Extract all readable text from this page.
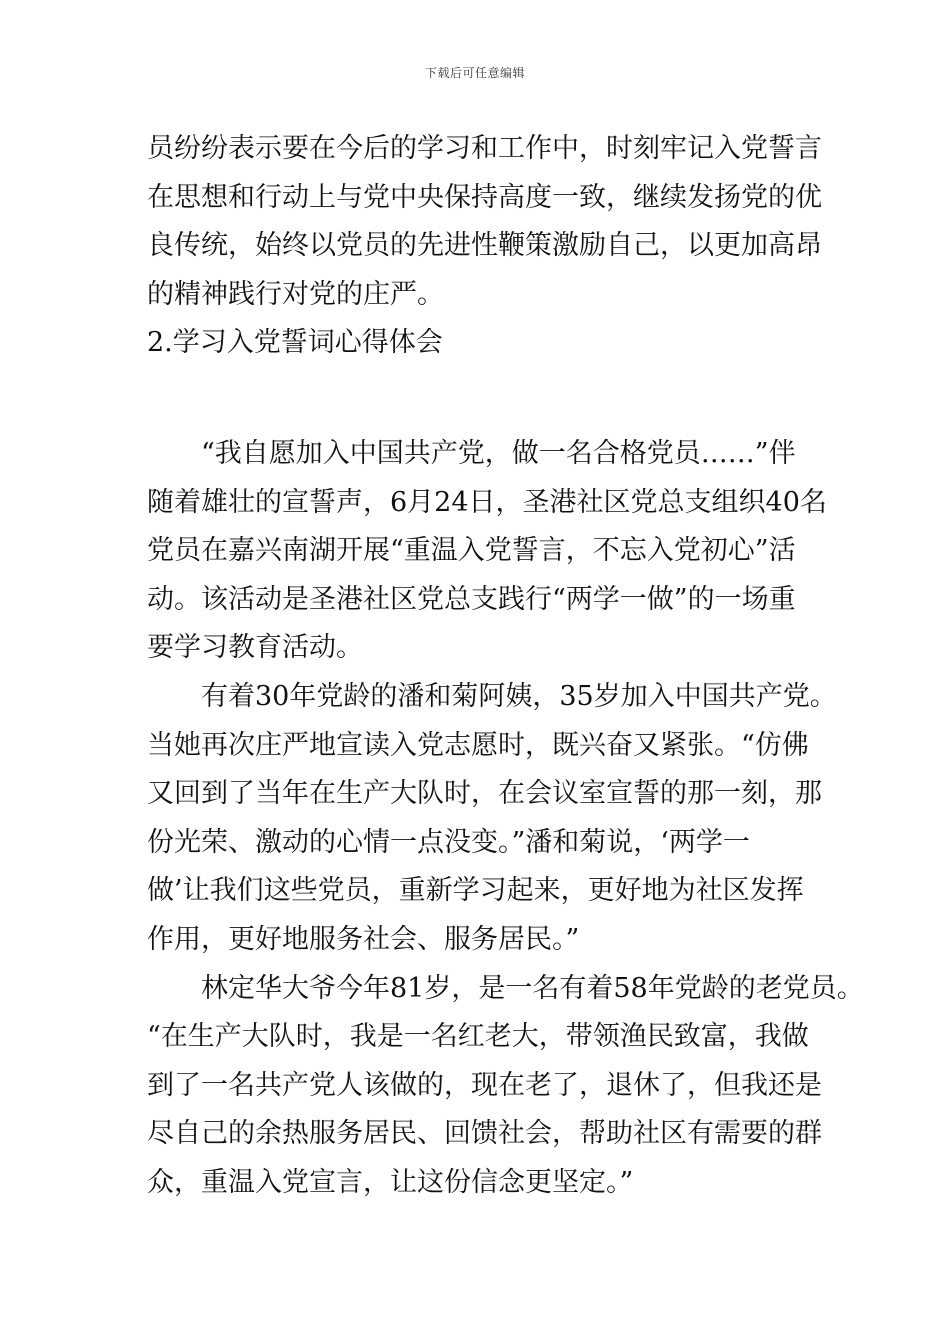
下载后可任意编辑
员纷纷表示要在今后的学习和工作中，时刻牢记入党誓言
在思想和行动上与党中央保持高度一致，继续发扬党的优
良传统，始终以党员的先进性鞭策激励自己，以更加高昂
的精神践行对党的庄严。
2.学习入党誓词心得体会
“我自愿加入中国共产党，做一名合格党员……”伴
随着雄壮的宣誓声，6月24日，圣港社区党总支组织40名
党员在嘉兴南湖开展“重温入党誓言，不忘入党初心”活
动。该活动是圣港社区党总支践行“两学一做”的一场重
要学习教育活动。
有着30年党龄的潘和菊阿姨，35岁加入中国共产党。
当她再次庄严地宣读入党志愿时，既兴奋又紧张。“仿佛
又回到了当年在生产大队时，在会议室宣誓的那一刻，那
份光荣、激动的心情一点没变。”潘和菊说，‘两学一
做’让我们这些党员，重新学习起来，更好地为社区发挥
作用，更好地服务社会、服务居民。”
林定华大爷今年81岁，是一名有着58年党龄的老党员。
“在生产大队时，我是一名红老大，带领渔民致富，我做
到了一名共产党人该做的，现在老了，退休了，但我还是
尽自己的余热服务居民、回馈社会，帮助社区有需要的群
众，重温入党宣言，让这份信念更坚定。”
